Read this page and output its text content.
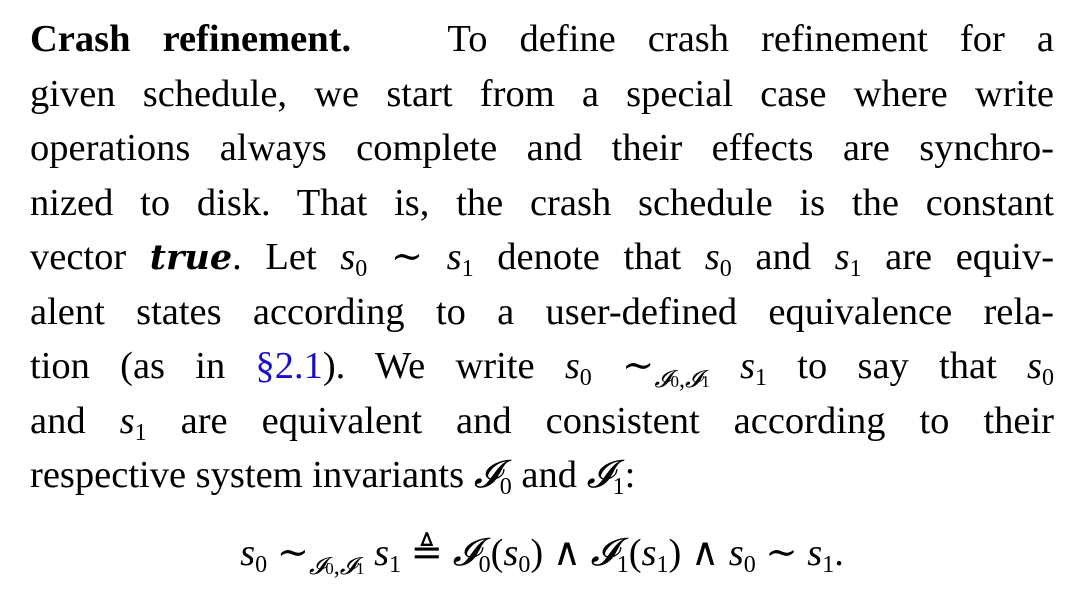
Crash refinement. To define crash refinement for a
given schedule, we start from a special case where write
operations always complete and their effects are synchro-
nized to disk. That is, the crash schedule is the constant
vector true. Let $s_0$ ∼ $s_1$ denote that $s_0$ and $s_1$ are equiv-
alent states according to a user-defined equivalence rela-
tion (as in §2.1). We write $s_0$ $\sim_{𝓘0,𝓘1}$ $s_1$ to say that $s_0$
and $s_1$ are equivalent and consistent according to their
respective system invariants 𝓘$_0$ and 𝓘$_1$:
$s_0$ $\sim_{𝓘0,𝓘1}$ $s_1$ ≜ $𝓘_0(s_0)$ ∧ $𝓘_1(s_1)$ ∧ $s_0$ ∼ $s_1$.
